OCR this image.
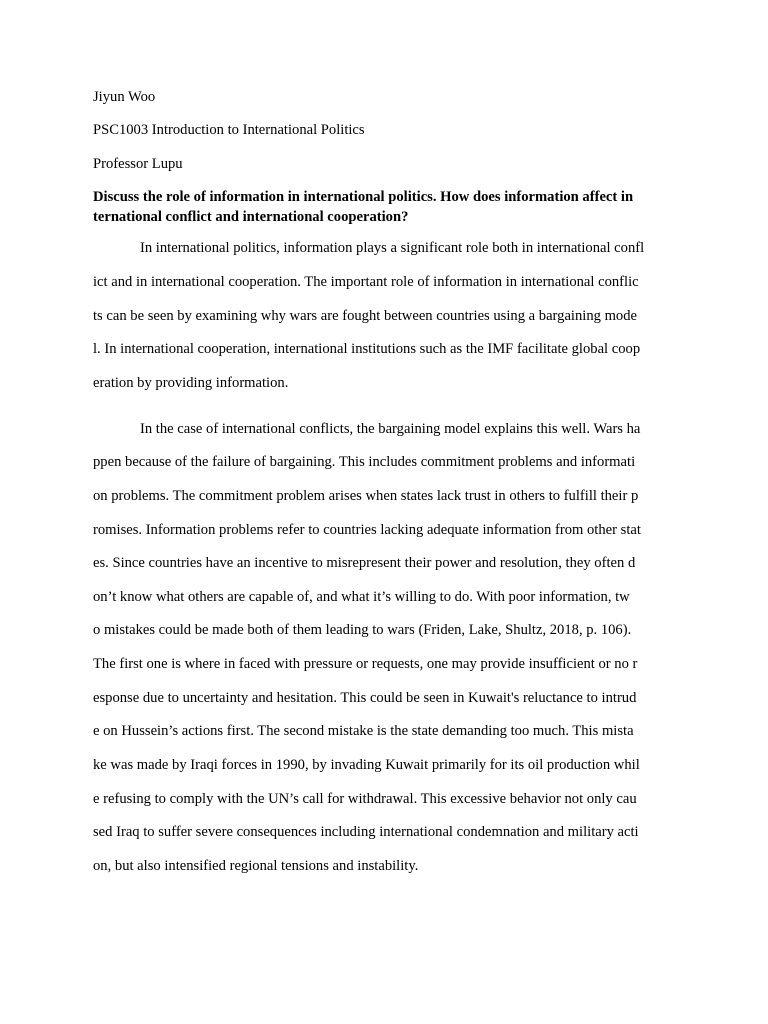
Jiyun Woo
PSC1003 Introduction to International Politics
Professor Lupu
Discuss the role of information in international politics. How does information affect in
ternational conflict and international cooperation?
In international politics, information plays a significant role both in international confl
ict and in international cooperation. The important role of information in international conflic
ts can be seen by examining why wars are fought between countries using a bargaining mode
l. In international cooperation, international institutions such as the IMF facilitate global coop
eration by providing information.
In the case of international conflicts, the bargaining model explains this well. Wars ha
ppen because of the failure of bargaining. This includes commitment problems and informati
on problems. The commitment problem arises when states lack trust in others to fulfill their p
romises. Information problems refer to countries lacking adequate information from other stat
es. Since countries have an incentive to misrepresent their power and resolution, they often d
on’t know what others are capable of, and what it’s willing to do. With poor information, tw
o mistakes could be made both of them leading to wars (Friden, Lake, Shultz, 2018, p. 106).
The first one is where in faced with pressure or requests, one may provide insufficient or no r
esponse due to uncertainty and hesitation. This could be seen in Kuwait's reluctance to intrud
e on Hussein’s actions first. The second mistake is the state demanding too much. This mista
ke was made by Iraqi forces in 1990, by invading Kuwait primarily for its oil production whil
e refusing to comply with the UN’s call for withdrawal. This excessive behavior not only cau
sed Iraq to suffer severe consequences including international condemnation and military acti
on, but also intensified regional tensions and instability.
